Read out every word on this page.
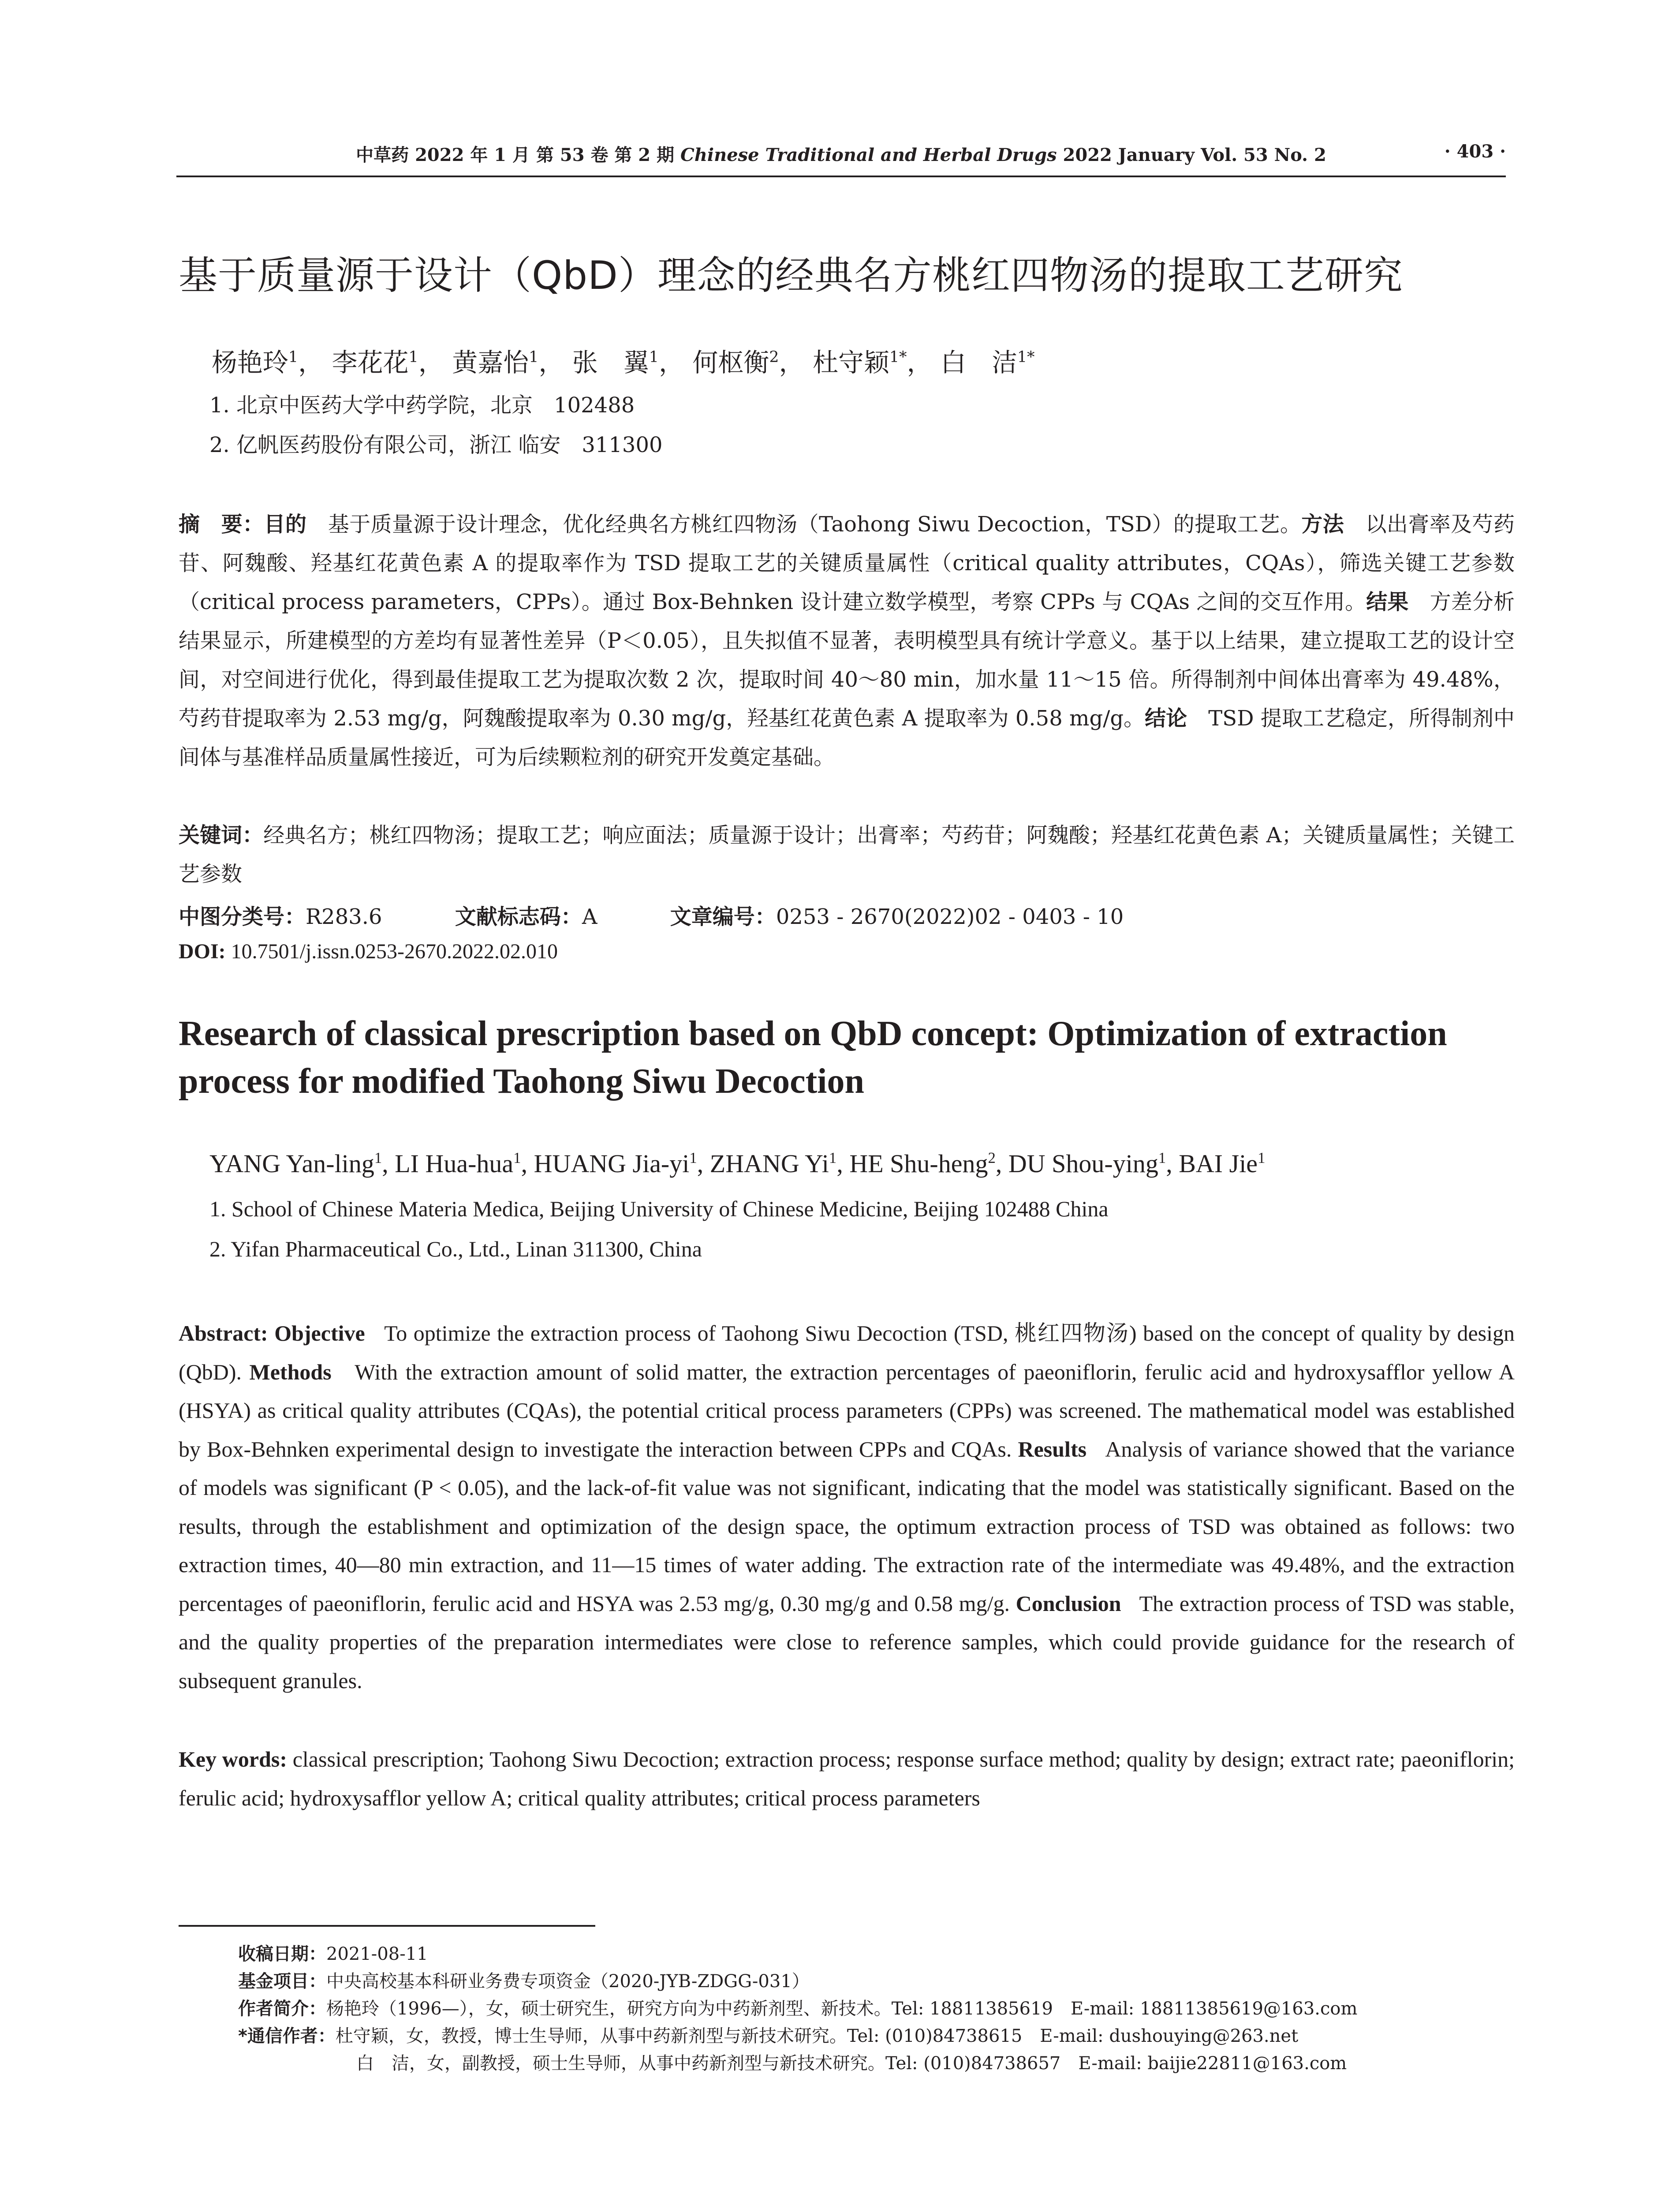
中草药 2022 年 1 月 第 53 卷 第 2 期 Chinese Traditional and Herbal Drugs 2022 January Vol. 53 No. 2	· 403 ·
基于质量源于设计（QbD）理念的经典名方桃红四物汤的提取工艺研究
杨艳玲$^1$， 李花花$^1$， 黄嘉怡$^1$， 张　翼$^1$， 何枢衡$^2$， 杜守颖$^{1*}$， 白　洁$^{1*}$
1. 北京中医药大学中药学院，北京　102488
2. 亿帆医药股份有限公司，浙江 临安　311300
摘　要：目的　 基于质量源于设计理念，优化经典名方桃红四物汤（Taohong Siwu Decoction，TSD）的提取工艺。方法　 以出膏率及芍药苷、阿魏酸、羟基红花黄色素 A 的提取率作为 TSD 提取工艺的关键质量属性（critical quality attributes，CQAs），筛选关键工艺参数（critical process parameters，CPPs）。通过 Box-Behnken 设计建立数学模型，考察 CPPs 与 CQAs 之间的交互作用。结果　 方差分析结果显示，所建模型的方差均有显著性差异（P＜0.05），且失拟值不显著，表明模型具有统计学意义。基于以上结果，建立提取工艺的设计空间，对空间进行优化，得到最佳提取工艺为提取次数 2 次，提取时间 40～80 min，加水量 11～15 倍。所得制剂中间体出膏率为 49.48%，芍药苷提取率为 2.53 mg/g，阿魏酸提取率为 0.30 mg/g，羟基红花黄色素 A 提取率为 0.58 mg/g。结论　 TSD 提取工艺稳定，所得制剂中间体与基准样品质量属性接近，可为后续颗粒剂的研究开发奠定基础。
关键词：经典名方；桃红四物汤；提取工艺；响应面法；质量源于设计；出膏率；芍药苷；阿魏酸；羟基红花黄色素 A；关键质量属性；关键工艺参数
中图分类号：R283.6	文献标志码：A	文章编号：0253 - 2670(2022)02 - 0403 - 10
DOI: 10.7501/j.issn.0253-2670.2022.02.010
Research of classical prescription based on QbD concept: Optimization of extraction process for modified Taohong Siwu Decoction
YANG Yan-ling$^1$, LI Hua-hua$^1$, HUANG Jia-$yi^1$, ZHANG Yi$^1$, HE Shu-heng$^2$, DU Shou-ying$^1$, BAI Jie$^1$
1. School of Chinese Materia Medica, Beijing University of Chinese Medicine, Beijing 102488 China
2. Yifan Pharmaceutical Co., Ltd., Linan 311300, China
Abstract: Objective To optimize the extraction process of Taohong Siwu Decoction (TSD, 桃红四物汤) based on the concept of quality by design (QbD). Methods With the extraction amount of solid matter, the extraction percentages of paeoniflorin, ferulic acid and hydroxysafflor yellow A (HSYA) as critical quality attributes (CQAs), the potential critical process parameters (CPPs) was screened. The mathematical model was established by Box-Behnken experimental design to investigate the interaction between CPPs and CQAs. Results Analysis of variance showed that the variance of models was significant (P < 0.05), and the lack-of-fit value was not significant, indicating that the model was statistically significant. Based on the results, through the establishment and optimization of the design space, the optimum extraction process of TSD was obtained as follows: two extraction times, 40—80 min extraction, and 11—15 times of water adding. The extraction rate of the intermediate was 49.48%, and the extraction percentages of paeoniflorin, ferulic acid and HSYA was 2.53 mg/g, 0.30 mg/g and 0.58 mg/g. Conclusion The extraction process of TSD was stable, and the quality properties of the preparation intermediates were close to reference samples, which could provide guidance for the research of subsequent granules.
Key words: classical prescription; Taohong Siwu Decoction; extraction process; response surface method; quality by design; extract rate; paeoniflorin; ferulic acid; hydroxysafflor yellow A; critical quality attributes; critical process parameters
收稿日期：2021-08-11
基金项目：中央高校基本科研业务费专项资金（2020-JYB-ZDGG-031）
作者简介：杨艳玲（1996—），女，硕士研究生，研究方向为中药新剂型、新技术。Tel: 18811385619　E-mail: 18811385619@163.com
*通信作者：杜守颖，女，教授，博士生导师，从事中药新剂型与新技术研究。Tel: (010)84738615　E-mail: dushouying@263.net
白　洁，女，副教授，硕士生导师，从事中药新剂型与新技术研究。Tel: (010)84738657　E-mail: baijie22811@163.com
